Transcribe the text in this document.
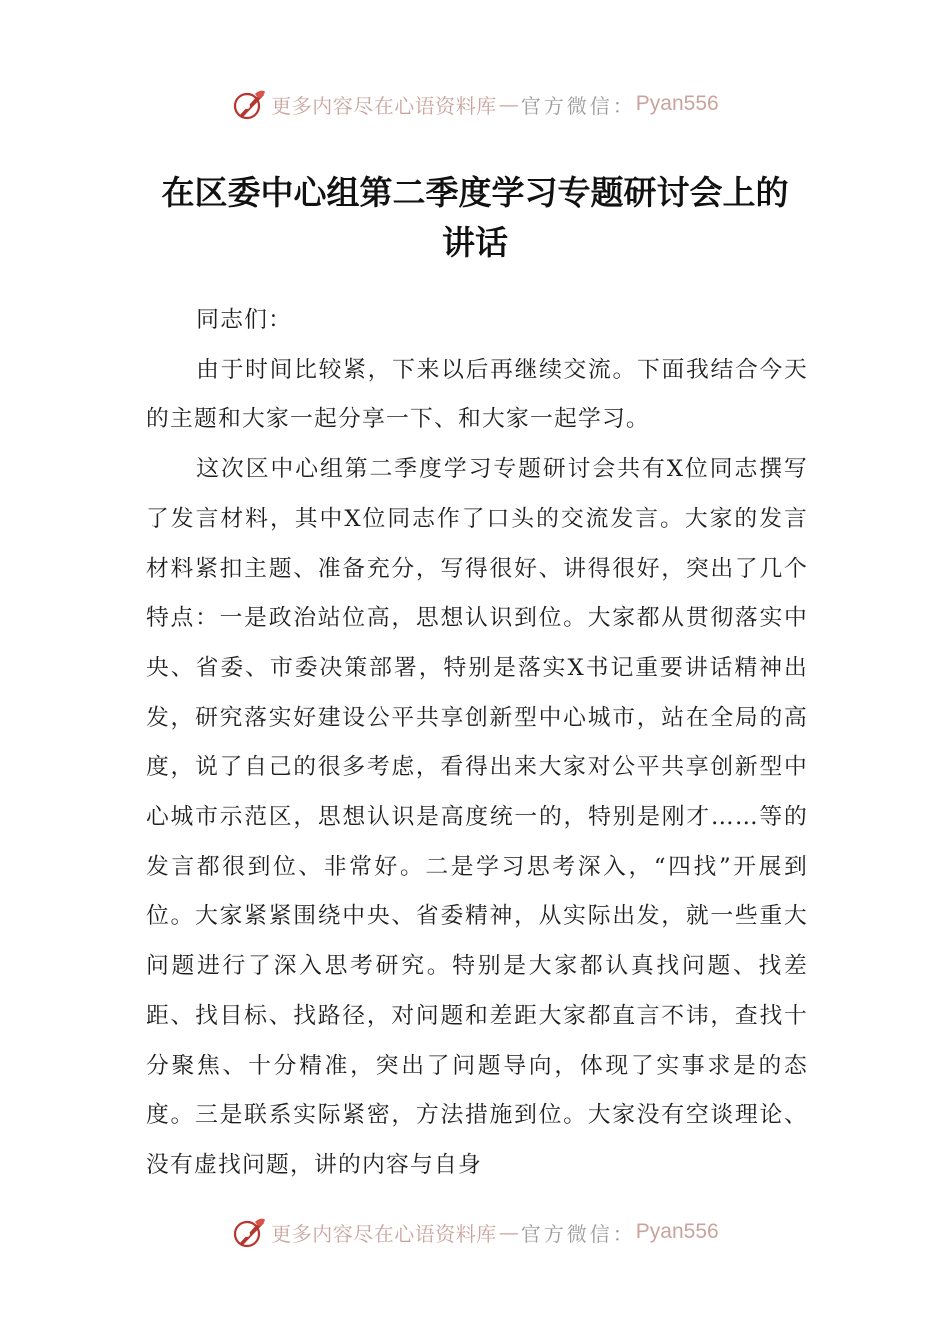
更多内容尽在心语资料库 — 官方微信： Pyan556
在区委中心组第二季度学习专题研讨会上的讲话

同志们：

由于时间比较紧，下来以后再继续交流。下面我结合今天的主题和大家一起分享一下、和大家一起学习。

这次区中心组第二季度学习专题研讨会共有X位同志撰写了发言材料，其中X位同志作了口头的交流发言。大家的发言材料紧扣主题、准备充分，写得很好、讲得很好，突出了几个特点：一是政治站位高，思想认识到位。大家都从贯彻落实中央、省委、市委决策部署，特别是落实X书记重要讲话精神出发，研究落实好建设公平共享创新型中心城市，站在全局的高度，说了自己的很多考虑，看得出来大家对公平共享创新型中心城市示范区，思想认识是高度统一的，特别是刚才……等的发言都很到位、非常好。二是学习思考深入，“四找”开展到位。大家紧紧围绕中央、省委精神，从实际出发，就一些重大问题进行了深入思考研究。特别是大家都认真找问题、找差距、找目标、找路径，对问题和差距大家都直言不讳，查找十分聚焦、十分精准，突出了问题导向，体现了实事求是的态度。三是联系实际紧密，方法措施到位。大家没有空谈理论、没有虚找问题，讲的内容与自身

更多内容尽在心语资料库 — 官方微信： Pyan556
